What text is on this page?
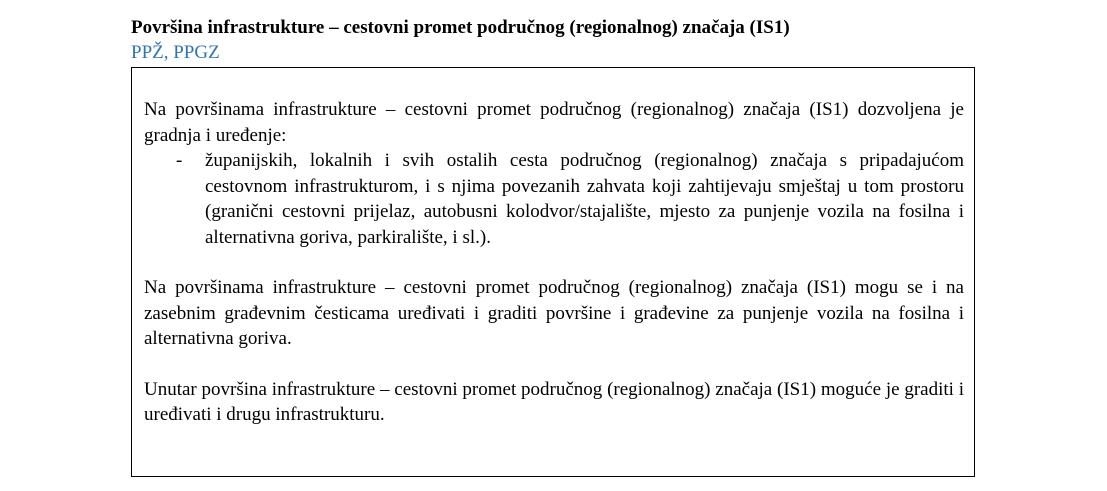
Površina infrastrukture – cestovni promet područnog (regionalnog) značaja (IS1)
PPŽ, PPGZ

Na površinama infrastrukture – cestovni promet područnog (regionalnog) značaja (IS1) dozvoljena je gradnja i uređenje:

-	županijskih, lokalnih i svih ostalih cesta područnog (regionalnog) značaja s pripadajućom cestovnom infrastrukturom, i s njima povezanih zahvata koji zahtijevaju smještaj u tom prostoru (granični cestovni prijelaz, autobusni kolodvor/stajalište, mjesto za punjenje vozila na fosilna i alternativna goriva, parkiralište, i sl.).

Na površinama infrastrukture – cestovni promet područnog (regionalnog) značaja (IS1) mogu se i na zasebnim građevnim česticama uređivati i graditi površine i građevine za punjenje vozila na fosilna i alternativna goriva.

Unutar površina infrastrukture – cestovni promet područnog (regionalnog) značaja (IS1) moguće je graditi i uređivati i drugu infrastrukturu.
